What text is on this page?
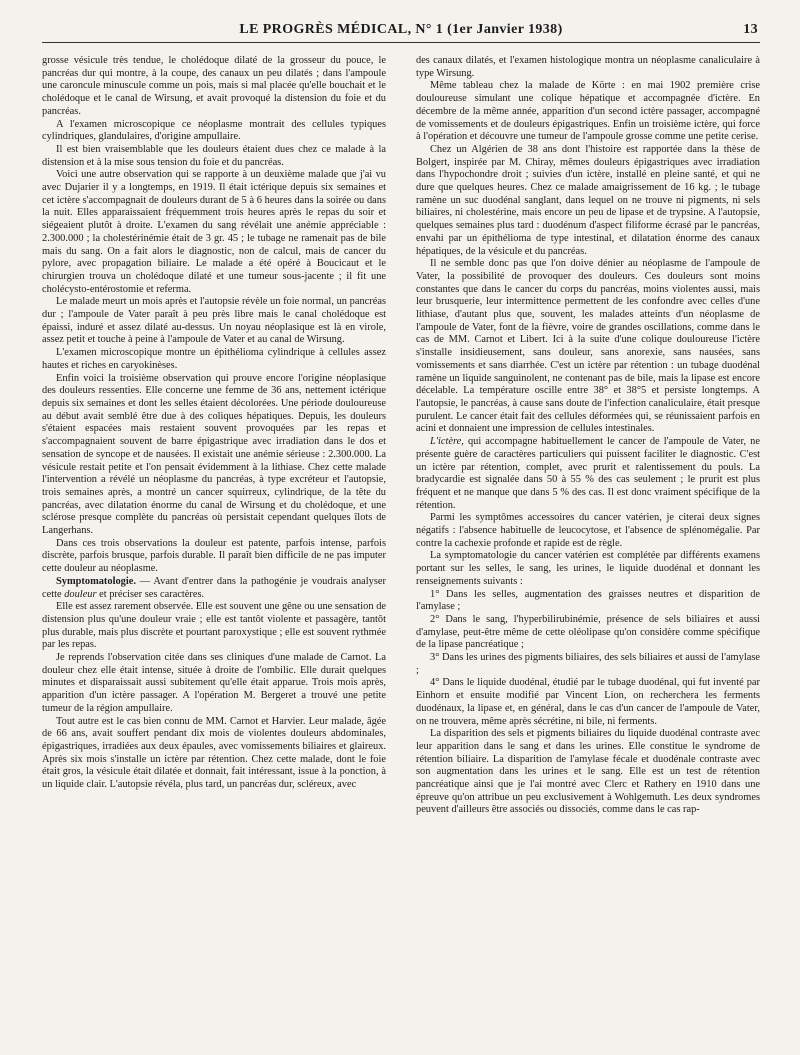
LE PROGRÈS MÉDICAL, N° 1 (1er Janvier 1938)	13

grosse vésicule très tendue, le cholédoque dilaté de la grosseur du pouce, le pancréas dur qui montre, à la coupe, des canaux un peu dilatés ; dans l'ampoule une caroncule minuscule comme un pois, mais si mal placée qu'elle bouchait et le cholédoque et le canal de Wirsung, et avait provoqué la distension du foie et du pancréas.

A l'examen microscopique ce néoplasme montrait des cellules typiques cylindriques, glandulaires, d'origine ampullaire.

Il est bien vraisemblable que les douleurs étaient dues chez ce malade à la distension et à la mise sous tension du foie et du pancréas.

Voici une autre observation qui se rapporte à un deuxième malade que j'ai vu avec Dujarier il y a longtemps, en 1919. Il était ictérique depuis six semaines et cet ictère s'accompagnait de douleurs durant de 5 à 6 heures dans la soirée ou dans la nuit. Elles apparaissaient fréquemment trois heures après le repas du soir et siégeaient plutôt à droite. L'examen du sang révélait une anémie appréciable : 2.300.000 ; la cholestérinémie était de 3 gr. 45 ; le tubage ne ramenait pas de bile mais du sang. On a fait alors le diagnostic, non de calcul, mais de cancer du pylore, avec propagation biliaire. Le malade a été opéré à Boucicaut et le chirurgien trouva un cholédoque dilaté et une tumeur sous-jacente ; il fit une cholécysto-entérostomie et referma.

Le malade meurt un mois après et l'autopsie révèle un foie normal, un pancréas dur ; l'ampoule de Vater paraît à peu près libre mais le canal cholédoque est épaissi, induré et assez dilaté au-dessus. Un noyau néoplasique est là en virole, assez petit et touche à peine à l'ampoule de Vater et au canal de Wirsung.

L'examen microscopique montre un épithélioma cylindrique à cellules assez hautes et riches en caryokinèses.

Enfin voici la troisième observation qui prouve encore l'origine néoplasique des douleurs ressenties. Elle concerne une femme de 36 ans, nettement ictérique depuis six semaines et dont les selles étaient décolorées. Une période douloureuse au début avait semblé être due à des coliques hépatiques. Depuis, les douleurs s'étaient espacées mais restaient souvent provoquées par les repas et s'accompagnaient souvent de barre épigastrique avec irradiation dans le dos et sensation de syncope et de nausées. Il existait une anémie sérieuse : 2.300.000. La vésicule restait petite et l'on pensait évidemment à la lithiase. Chez cette malade l'intervention a révélé un néoplasme du pancréas, à type excréteur et l'autopsie, trois semaines après, a montré un cancer squirreux, cylindrique, de la tête du pancréas, avec dilatation énorme du canal de Wirsung et du cholédoque, et une sclérose presque complète du pancréas où persistait cependant quelques îlots de Langerhans.

Dans ces trois observations la douleur est patente, parfois intense, parfois discrète, parfois brusque, parfois durable. Il paraît bien difficile de ne pas imputer cette douleur au néoplasme.

Symptomatologie. — Avant d'entrer dans la pathogénie je voudrais analyser cette douleur et préciser ses caractères.

Elle est assez rarement observée. Elle est souvent une gêne ou une sensation de distension plus qu'une douleur vraie ; elle est tantôt violente et passagère, tantôt plus durable, mais plus discrète et pourtant paroxystique ; elle est souvent rythmée par les repas.

Je reprends l'observation citée dans ses cliniques d'une malade de Carnot. La douleur chez elle était intense, située à droite de l'ombilic. Elle durait quelques minutes et disparaissait aussi subitement qu'elle était apparue. Trois mois après, apparition d'un ictère passager. A l'opération M. Bergeret a trouvé une petite tumeur de la région ampullaire.

Tout autre est le cas bien connu de MM. Carnot et Harvier. Leur malade, âgée de 66 ans, avait souffert pendant dix mois de violentes douleurs abdominales, épigastriques, irradiées aux deux épaules, avec vomissements biliaires et glaireux. Après six mois s'installe un ictère par rétention. Chez cette malade, dont le foie était gros, la vésicule était dilatée et donnait, fait intéressant, issue à la ponction, à un liquide clair. L'autopsie révéla, plus tard, un pancréas dur, scléreux, avec

des canaux dilatés, et l'examen histologique montra un néoplasme canaliculaire à type Wirsung.

Même tableau chez la malade de Körte : en mai 1902 première crise douloureuse simulant une colique hépatique et accompagnée d'ictère. En décembre de la même année, apparition d'un second ictère passager, accompagné de vomissements et de douleurs épigastriques. Enfin un troisième ictère, qui force à l'opération et découvre une tumeur de l'ampoule grosse comme une petite cerise.

Chez un Algérien de 38 ans dont l'histoire est rapportée dans la thèse de Bolgert, inspirée par M. Chiray, mêmes douleurs épigastriques avec irradiation dans l'hypochondre droit ; suivies d'un ictère, installé en pleine santé, et qui ne dure que quelques heures. Chez ce malade amaigrissement de 16 kg. ; le tubage ramène un suc duodénal sanglant, dans lequel on ne trouve ni pigments, ni sels biliaires, ni cholestérine, mais encore un peu de lipase et de trypsine. A l'autopsie, quelques semaines plus tard : duodénum d'aspect filiforme écrasé par le pancréas, envahi par un épithélioma de type intestinal, et dilatation énorme des canaux hépatiques, de la vésicule et du pancréas.

Il ne semble donc pas que l'on doive dénier au néoplasme de l'ampoule de Vater, la possibilité de provoquer des douleurs. Ces douleurs sont moins constantes que dans le cancer du corps du pancréas, moins violentes aussi, mais leur brusquerie, leur intermittence permettent de les confondre avec celles d'une lithiase, d'autant plus que, souvent, les malades atteints d'un néoplasme de l'ampoule de Vater, font de la fièvre, voire de grandes oscillations, comme dans le cas de MM. Carnot et Libert. Ici à la suite d'une colique douloureuse l'ictère s'installe insidieusement, sans douleur, sans anorexie, sans nausées, sans vomissements et sans diarrhée. C'est un ictère par rétention : un tubage duodénal ramène un liquide sanguinolent, ne contenant pas de bile, mais la lipase est encore décelable. La température oscille entre 38° et 38°5 et persiste longtemps. A l'autopsie, le pancréas, à cause sans doute de l'infection canaliculaire, était presque purulent. Le cancer était fait des cellules déformées qui, se réunissaient parfois en acini et donnaient une impression de cellules intestinales.

L'ictère, qui accompagne habituellement le cancer de l'ampoule de Vater, ne présente guère de caractères particuliers qui puissent faciliter le diagnostic. C'est un ictère par rétention, complet, avec prurit et ralentissement du pouls. La bradycardie est signalée dans 50 à 55 % des cas seulement ; le prurit est plus fréquent et ne manque que dans 5 % des cas. Il est donc vraiment spécifique de la rétention.

Parmi les symptômes accessoires du cancer vatérien, je citerai deux signes négatifs : l'absence habituelle de leucocytose, et l'absence de splénomégalie. Par contre la cachexie profonde et rapide est de règle.

La symptomatologie du cancer vatérien est complétée par différents examens portant sur les selles, le sang, les urines, le liquide duodénal et donnant les renseignements suivants :

1° Dans les selles, augmentation des graisses neutres et disparition de l'amylase ;

2° Dans le sang, l'hyperbilirubinémie, présence de sels biliaires et aussi d'amylase, peut-être même de cette oléolipase qu'on considère comme spécifique de la lipase pancréatique ;

3° Dans les urines des pigments biliaires, des sels biliaires et aussi de l'amylase ;

4° Dans le liquide duodénal, étudié par le tubage duodénal, qui fut inventé par Einhorn et ensuite modifié par Vincent Lion, on recherchera les ferments duodénaux, la lipase et, en général, dans le cas d'un cancer de l'ampoule de Vater, on ne trouvera, même après sécrétine, ni bile, ni ferments.

La disparition des sels et pigments biliaires du liquide duodénal contraste avec leur apparition dans le sang et dans les urines. Elle constitue le syndrome de rétention biliaire. La disparition de l'amylase fécale et duodénale contraste avec son augmentation dans les urines et le sang. Elle est un test de rétention pancréatique ainsi que je l'ai montré avec Clerc et Rathery en 1910 dans une épreuve qu'on attribue un peu exclusivement à Wohlgemuth. Les deux syndromes peuvent d'ailleurs être associés ou dissociés, comme dans le cas rap-
